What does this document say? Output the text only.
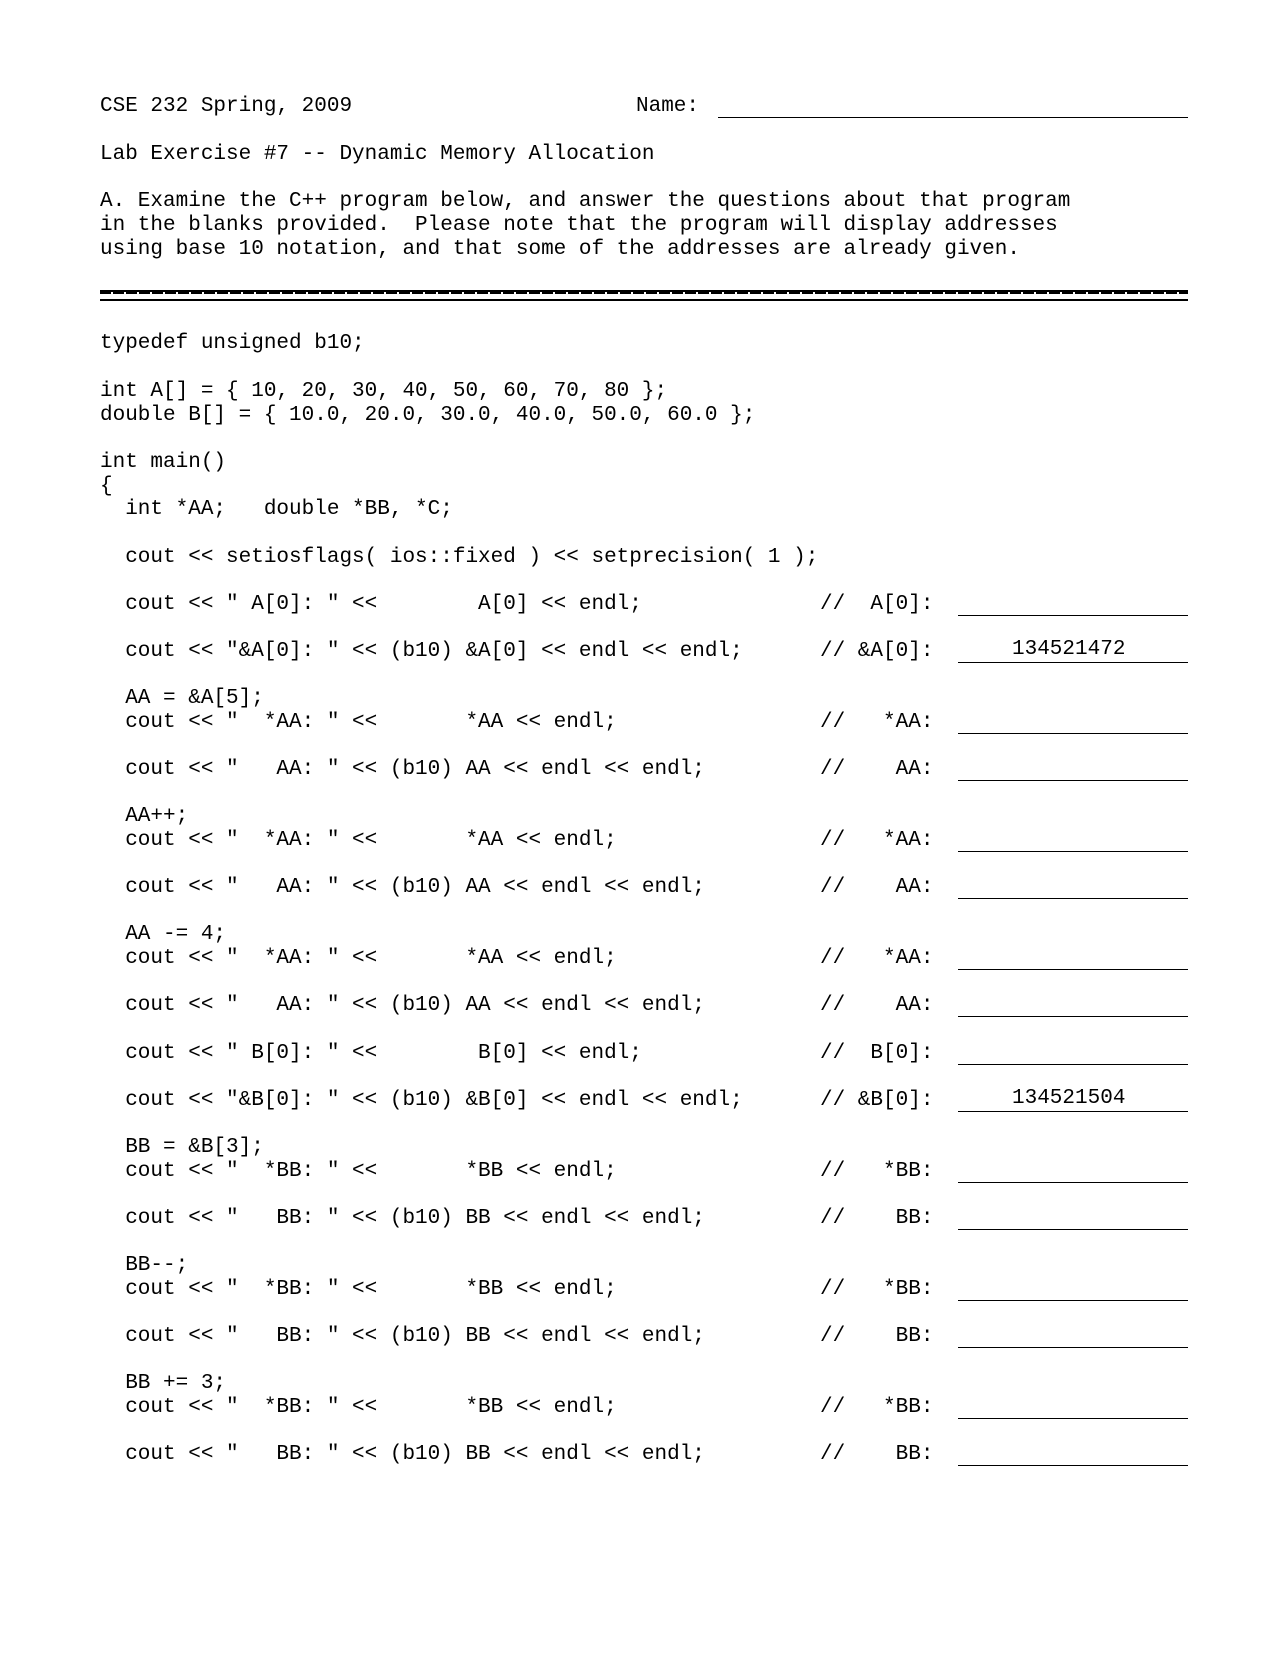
CSE 232 Spring, 2009	Name:
Lab Exercise #7 -- Dynamic Memory Allocation
A. Examine the C++ program below, and answer the questions about that program
in the blanks provided.  Please note that the program will display addresses
using base 10 notation, and that some of the addresses are already given.
typedef unsigned b10;
int A[] = { 10, 20, 30, 40, 50, 60, 70, 80 };
double B[] = { 10.0, 20.0, 30.0, 40.0, 50.0, 60.0 };
int main()
{
int *AA;   double *BB, *C;
cout << setiosflags( ios::fixed ) << setprecision( 1 );
AA = &A[5];
AA++;
AA -= 4;
BB = &B[3];
BB--;
BB += 3;
cout << " A[0]: " <<        A[0] << endl;	//  A[0]:
cout << "&A[0]: " << (b10) &A[0] << endl << endl;	// &A[0]:	134521472
cout << "  *AA: " <<       *AA << endl;	//   *AA:
cout << "   AA: " << (b10) AA << endl << endl;	//    AA:
cout << "  *AA: " <<       *AA << endl;	//   *AA:
cout << "   AA: " << (b10) AA << endl << endl;	//    AA:
cout << "  *AA: " <<       *AA << endl;	//   *AA:
cout << "   AA: " << (b10) AA << endl << endl;	//    AA:
cout << " B[0]: " <<        B[0] << endl;	//  B[0]:
cout << "&B[0]: " << (b10) &B[0] << endl << endl;	// &B[0]:	134521504
cout << "  *BB: " <<       *BB << endl;	//   *BB:
cout << "   BB: " << (b10) BB << endl << endl;	//    BB:
cout << "  *BB: " <<       *BB << endl;	//   *BB:
cout << "   BB: " << (b10) BB << endl << endl;	//    BB:
cout << "  *BB: " <<       *BB << endl;	//   *BB:
cout << "   BB: " << (b10) BB << endl << endl;	//    BB:
